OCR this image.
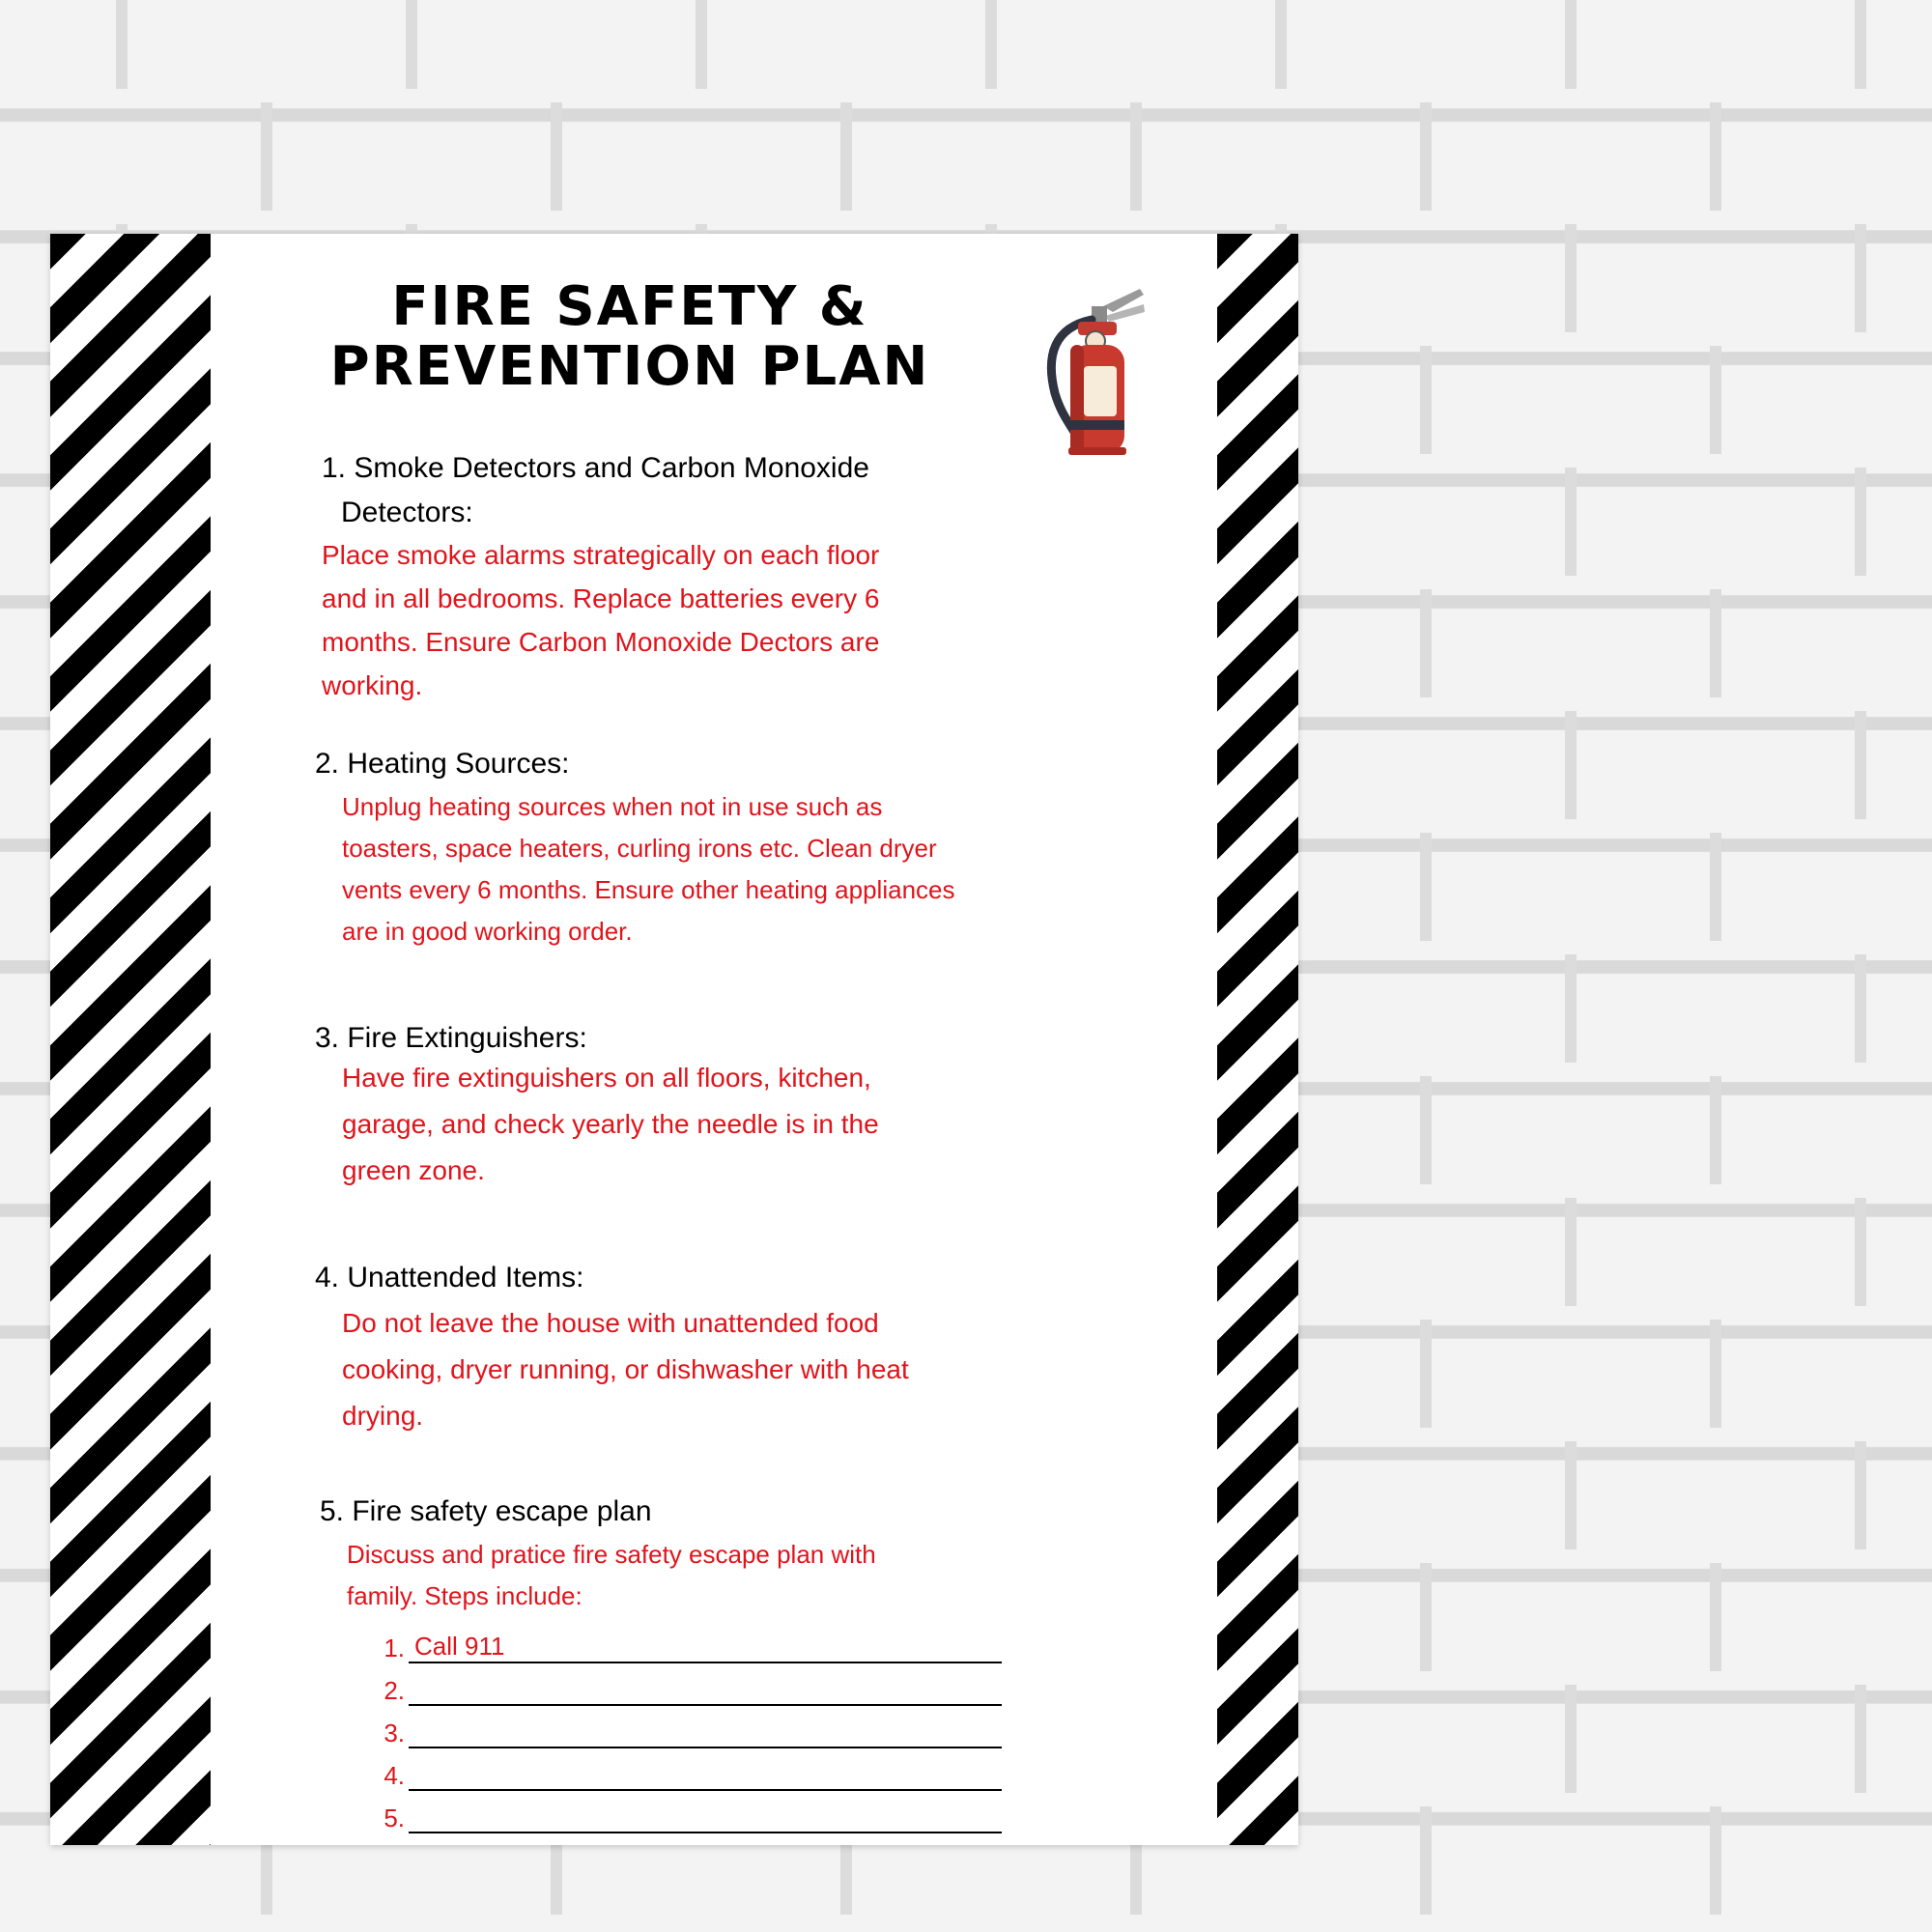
FIRE SAFETY &
PREVENTION PLAN
1. Smoke Detectors and Carbon Monoxide
Detectors:
Place smoke alarms strategically on each floor
and in all bedrooms. Replace batteries every 6
months. Ensure Carbon Monoxide Dectors are
working.
2. Heating Sources:
Unplug heating sources when not in use such as
toasters, space heaters, curling irons etc. Clean dryer
vents every 6 months. Ensure other heating appliances
are in good working order.
3. Fire Extinguishers:
Have fire extinguishers on all floors, kitchen,
garage, and check yearly the needle is in the
green zone.
4. Unattended Items:
Do not leave the house with unattended food
cooking, dryer running, or dishwasher with heat
drying.
5. Fire safety escape plan
Discuss and pratice fire safety escape plan with
family. Steps include:
1. Call 911
2.
3.
4.
5.
